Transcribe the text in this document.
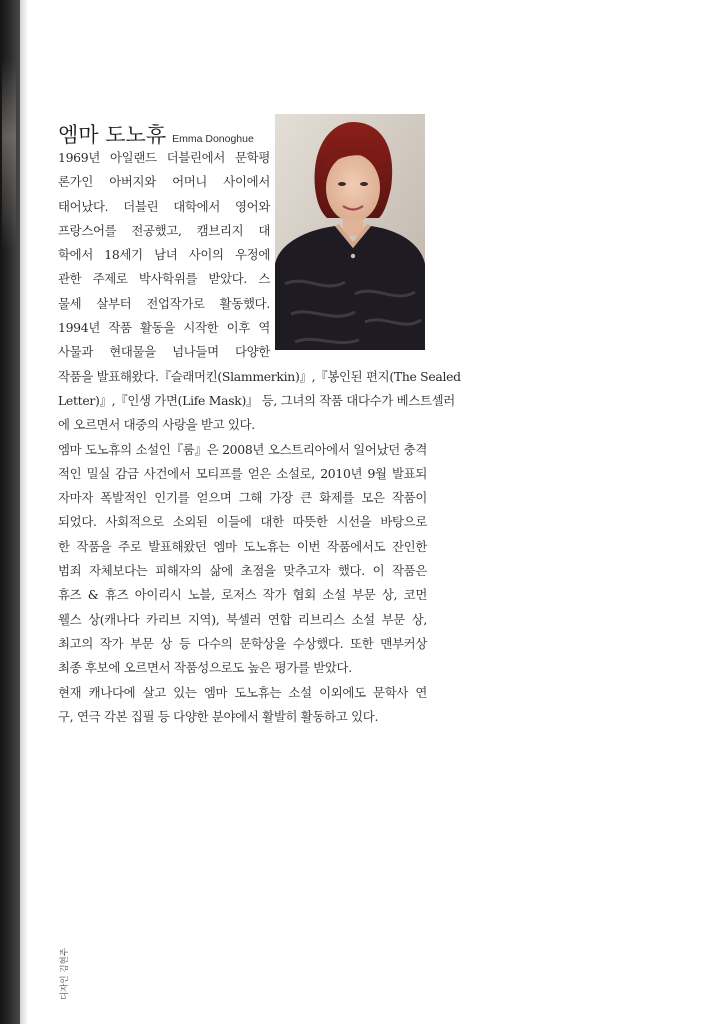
엠마 도노휴 Emma Donoghue
1969년 아일랜드 더블린에서 문학평
론가인 아버지와 어머니 사이에서
태어났다. 더블린 대학에서 영어와
프랑스어를 전공했고, 캠브리지 대
학에서 18세기 남녀 사이의 우정에
관한 주제로 박사학위를 받았다. 스
물세 살부터 전업작가로 활동했다.
1994년 작품 활동을 시작한 이후 역
사물과 현대물을 넘나들며 다양한
작품을 발표해왔다.『슬래머킨(Slammerkin)』,『봉인된 편지(The Sealed
Letter)』,『인생 가면(Life Mask)』 등, 그녀의 작품 대다수가 베스트셀러
에 오르면서 대중의 사랑을 받고 있다.
엠마 도노휴의 소설인『룸』은 2008년 오스트리아에서 일어났던 충격
적인 밀실 감금 사건에서 모티프를 얻은 소설로, 2010년 9월 발표되
자마자 폭발적인 인기를 얻으며 그해 가장 큰 화제를 모은 작품이
되었다. 사회적으로 소외된 이들에 대한 따뜻한 시선을 바탕으로
한 작품을 주로 발표해왔던 엠마 도노휴는 이번 작품에서도 잔인한
범죄 자체보다는 피해자의 삶에 초점을 맞추고자 했다. 이 작품은
휴즈 & 휴즈 아이리시 노블, 로저스 작가 협회 소설 부문 상, 코먼
웰스 상(캐나다 카리브 지역), 북셀러 연합 리브리스 소설 부문 상,
최고의 작가 부문 상 등 다수의 문학상을 수상했다. 또한 맨부커상
최종 후보에 오르면서 작품성으로도 높은 평가를 받았다.
현재 캐나다에 살고 있는 엠마 도노휴는 소설 이외에도 문학사 연
구, 연극 각본 집필 등 다양한 분야에서 활발히 활동하고 있다.
디자인 김현주
